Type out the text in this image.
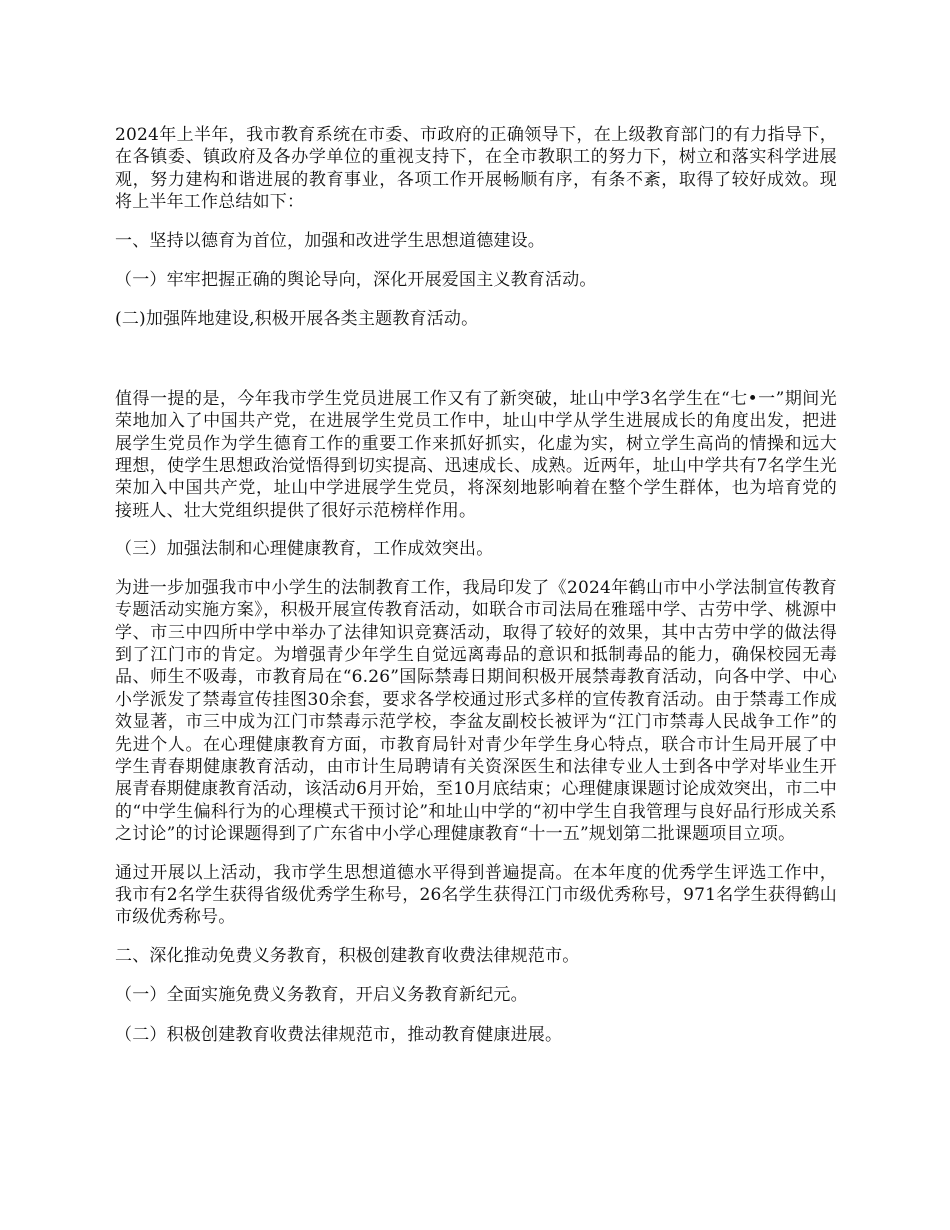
2024年上半年，我市教育系统在市委、市政府的正确领导下，在上级教育部门的有力指导下，在各镇委、镇政府及各办学单位的重视支持下，在全市教职工的努力下，树立和落实科学进展观，努力建构和谐进展的教育事业，各项工作开展畅顺有序，有条不紊，取得了较好成效。现将上半年工作总结如下：

一、坚持以德育为首位，加强和改进学生思想道德建设。

（一）牢牢把握正确的舆论导向，深化开展爱国主义教育活动。

(二)加强阵地建设,积极开展各类主题教育活动。

值得一提的是，今年我市学生党员进展工作又有了新突破，址山中学3名学生在“七•一”期间光荣地加入了中国共产党，在进展学生党员工作中，址山中学从学生进展成长的角度出发，把进展学生党员作为学生德育工作的重要工作来抓好抓实，化虚为实，树立学生高尚的情操和远大理想，使学生思想政治觉悟得到切实提高、迅速成长、成熟。近两年，址山中学共有7名学生光荣加入中国共产党，址山中学进展学生党员，将深刻地影响着在整个学生群体，也为培育党的接班人、壮大党组织提供了很好示范榜样作用。

（三）加强法制和心理健康教育，工作成效突出。

为进一步加强我市中小学生的法制教育工作，我局印发了《2024年鹤山市中小学法制宣传教育专题活动实施方案》，积极开展宣传教育活动，如联合市司法局在雅瑶中学、古劳中学、桃源中学、市三中四所中学中举办了法律知识竞赛活动，取得了较好的效果，其中古劳中学的做法得到了江门市的肯定。为增强青少年学生自觉远离毒品的意识和抵制毒品的能力，确保校园无毒品、师生不吸毒，市教育局在“6.26”国际禁毒日期间积极开展禁毒教育活动，向各中学、中心小学派发了禁毒宣传挂图30余套，要求各学校通过形式多样的宣传教育活动。由于禁毒工作成效显著，市三中成为江门市禁毒示范学校，李盆友副校长被评为“江门市禁毒人民战争工作”的先进个人。在心理健康教育方面，市教育局针对青少年学生身心特点，联合市计生局开展了中学生青春期健康教育活动，由市计生局聘请有关资深医生和法律专业人士到各中学对毕业生开展青春期健康教育活动，该活动6月开始，至10月底结束；心理健康课题讨论成效突出，市二中的“中学生偏科行为的心理模式干预讨论”和址山中学的“初中学生自我管理与良好品行形成关系之讨论”的讨论课题得到了广东省中小学心理健康教育“十一五”规划第二批课题项目立项。

通过开展以上活动，我市学生思想道德水平得到普遍提高。在本年度的优秀学生评选工作中，我市有2名学生获得省级优秀学生称号，26名学生获得江门市级优秀称号，971名学生获得鹤山市级优秀称号。

二、深化推动免费义务教育，积极创建教育收费法律规范市。

（一）全面实施免费义务教育，开启义务教育新纪元。

（二）积极创建教育收费法律规范市，推动教育健康进展。
